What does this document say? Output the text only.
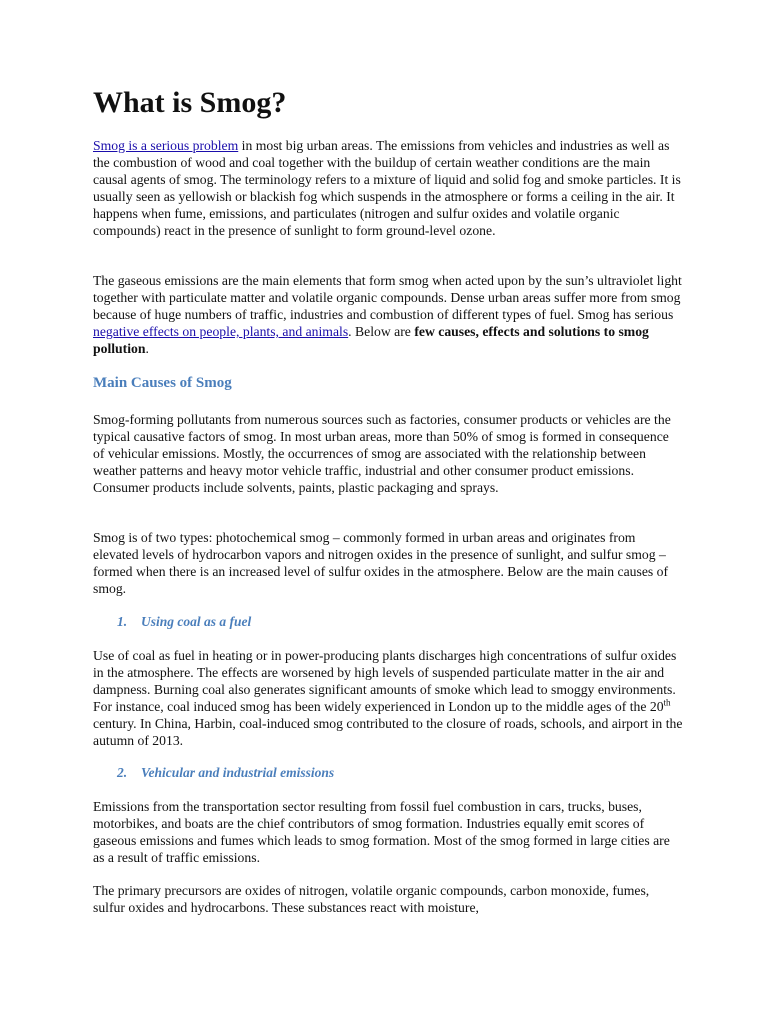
What is Smog?

Smog is a serious problem in most big urban areas. The emissions from vehicles and industries as well as the combustion of wood and coal together with the buildup of certain weather conditions are the main causal agents of smog. The terminology refers to a mixture of liquid and solid fog and smoke particles. It is usually seen as yellowish or blackish fog which suspends in the atmosphere or forms a ceiling in the air. It happens when fume, emissions, and particulates (nitrogen and sulfur oxides and volatile organic compounds) react in the presence of sunlight to form ground-level ozone.

The gaseous emissions are the main elements that form smog when acted upon by the sun’s ultraviolet light together with particulate matter and volatile organic compounds. Dense urban areas suffer more from smog because of huge numbers of traffic, industries and combustion of different types of fuel. Smog has serious negative effects on people, plants, and animals. Below are few causes, effects and solutions to smog pollution.

Main Causes of Smog

Smog-forming pollutants from numerous sources such as factories, consumer products or vehicles are the typical causative factors of smog. In most urban areas, more than 50% of smog is formed in consequence of vehicular emissions. Mostly, the occurrences of smog are associated with the relationship between weather patterns and heavy motor vehicle traffic, industrial and other consumer product emissions. Consumer products include solvents, paints, plastic packaging and sprays.

Smog is of two types: photochemical smog – commonly formed in urban areas and originates from elevated levels of hydrocarbon vapors and nitrogen oxides in the presence of sunlight, and sulfur smog – formed when there is an increased level of sulfur oxides in the atmosphere. Below are the main causes of smog.

1. Using coal as a fuel

Use of coal as fuel in heating or in power-producing plants discharges high concentrations of sulfur oxides in the atmosphere. The effects are worsened by high levels of suspended particulate matter in the air and dampness. Burning coal also generates significant amounts of smoke which lead to smoggy environments. For instance, coal induced smog has been widely experienced in London up to the middle ages of the 20th century. In China, Harbin, coal-induced smog contributed to the closure of roads, schools, and airport in the autumn of 2013.

2. Vehicular and industrial emissions

Emissions from the transportation sector resulting from fossil fuel combustion in cars, trucks, buses, motorbikes, and boats are the chief contributors of smog formation. Industries equally emit scores of gaseous emissions and fumes which leads to smog formation. Most of the smog formed in large cities are as a result of traffic emissions.

The primary precursors are oxides of nitrogen, volatile organic compounds, carbon monoxide, fumes, sulfur oxides and hydrocarbons. These substances react with moisture,
